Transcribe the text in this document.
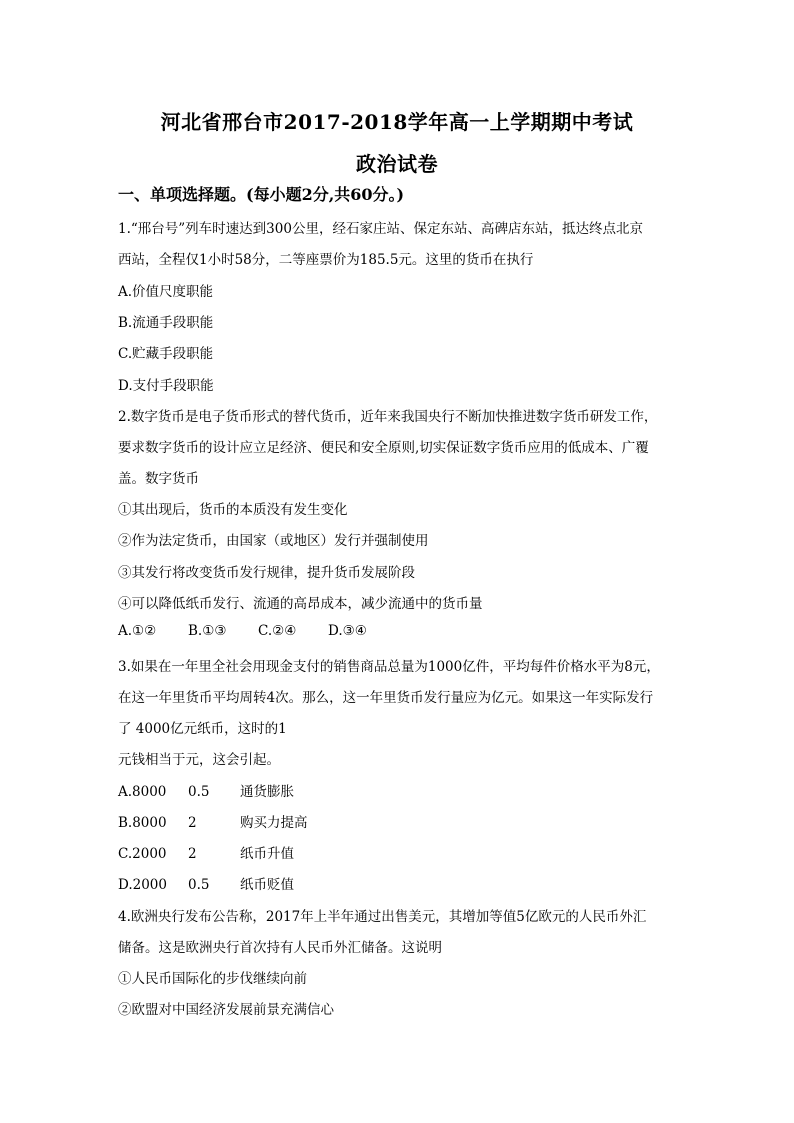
河北省邢台市2017-2018学年高一上学期期中考试
政治试卷
一、单项选择题。(每小题2分,共60分。)
1.“邢台号”列车时速达到300公里，经石家庄站、保定东站、高碑店东站，抵达终点北京
西站，全程仅1小时58分，二等座票价为185.5元。这里的货币在执行
A.价值尺度职能
B.流通手段职能
C.贮藏手段职能
D.支付手段职能
2.数字货币是电子货币形式的替代货币，近年来我国央行不断加快推进数字货币研发工作，
要求数字货币的设计应立足经济、便民和安全原则,切实保证数字货币应用的低成本、广覆
盖。数字货币
①其出现后，货币的本质没有发生变化
②作为法定货币，由国家（或地区）发行并强制使用
③其发行将改变货币发行规律，提升货币发展阶段
④可以降低纸币发行、流通的高昂成本，减少流通中的货币量
A.①② B.①③ C.②④ D.③④
3.如果在一年里全社会用现金支付的销售商品总量为1000亿件，平均每件价格水平为8元，
在这一年里货币平均周转4次。那么，这一年里货币发行量应为亿元。如果这一年实际发行
了 4000亿元纸币，这时的1
元钱相当于元，这会引起。
A.8000 0.5 通货膨胀
B.8000 2	购买力提高
C.2000 2	纸币升值
D.2000 0.5 纸币贬值
4.欧洲央行发布公告称，2017年上半年通过出售美元，其增加等值5亿欧元的人民币外汇
储备。这是欧洲央行首次持有人民币外汇储备。这说明
①人民币国际化的步伐继续向前
②欧盟对中国经济发展前景充满信心
